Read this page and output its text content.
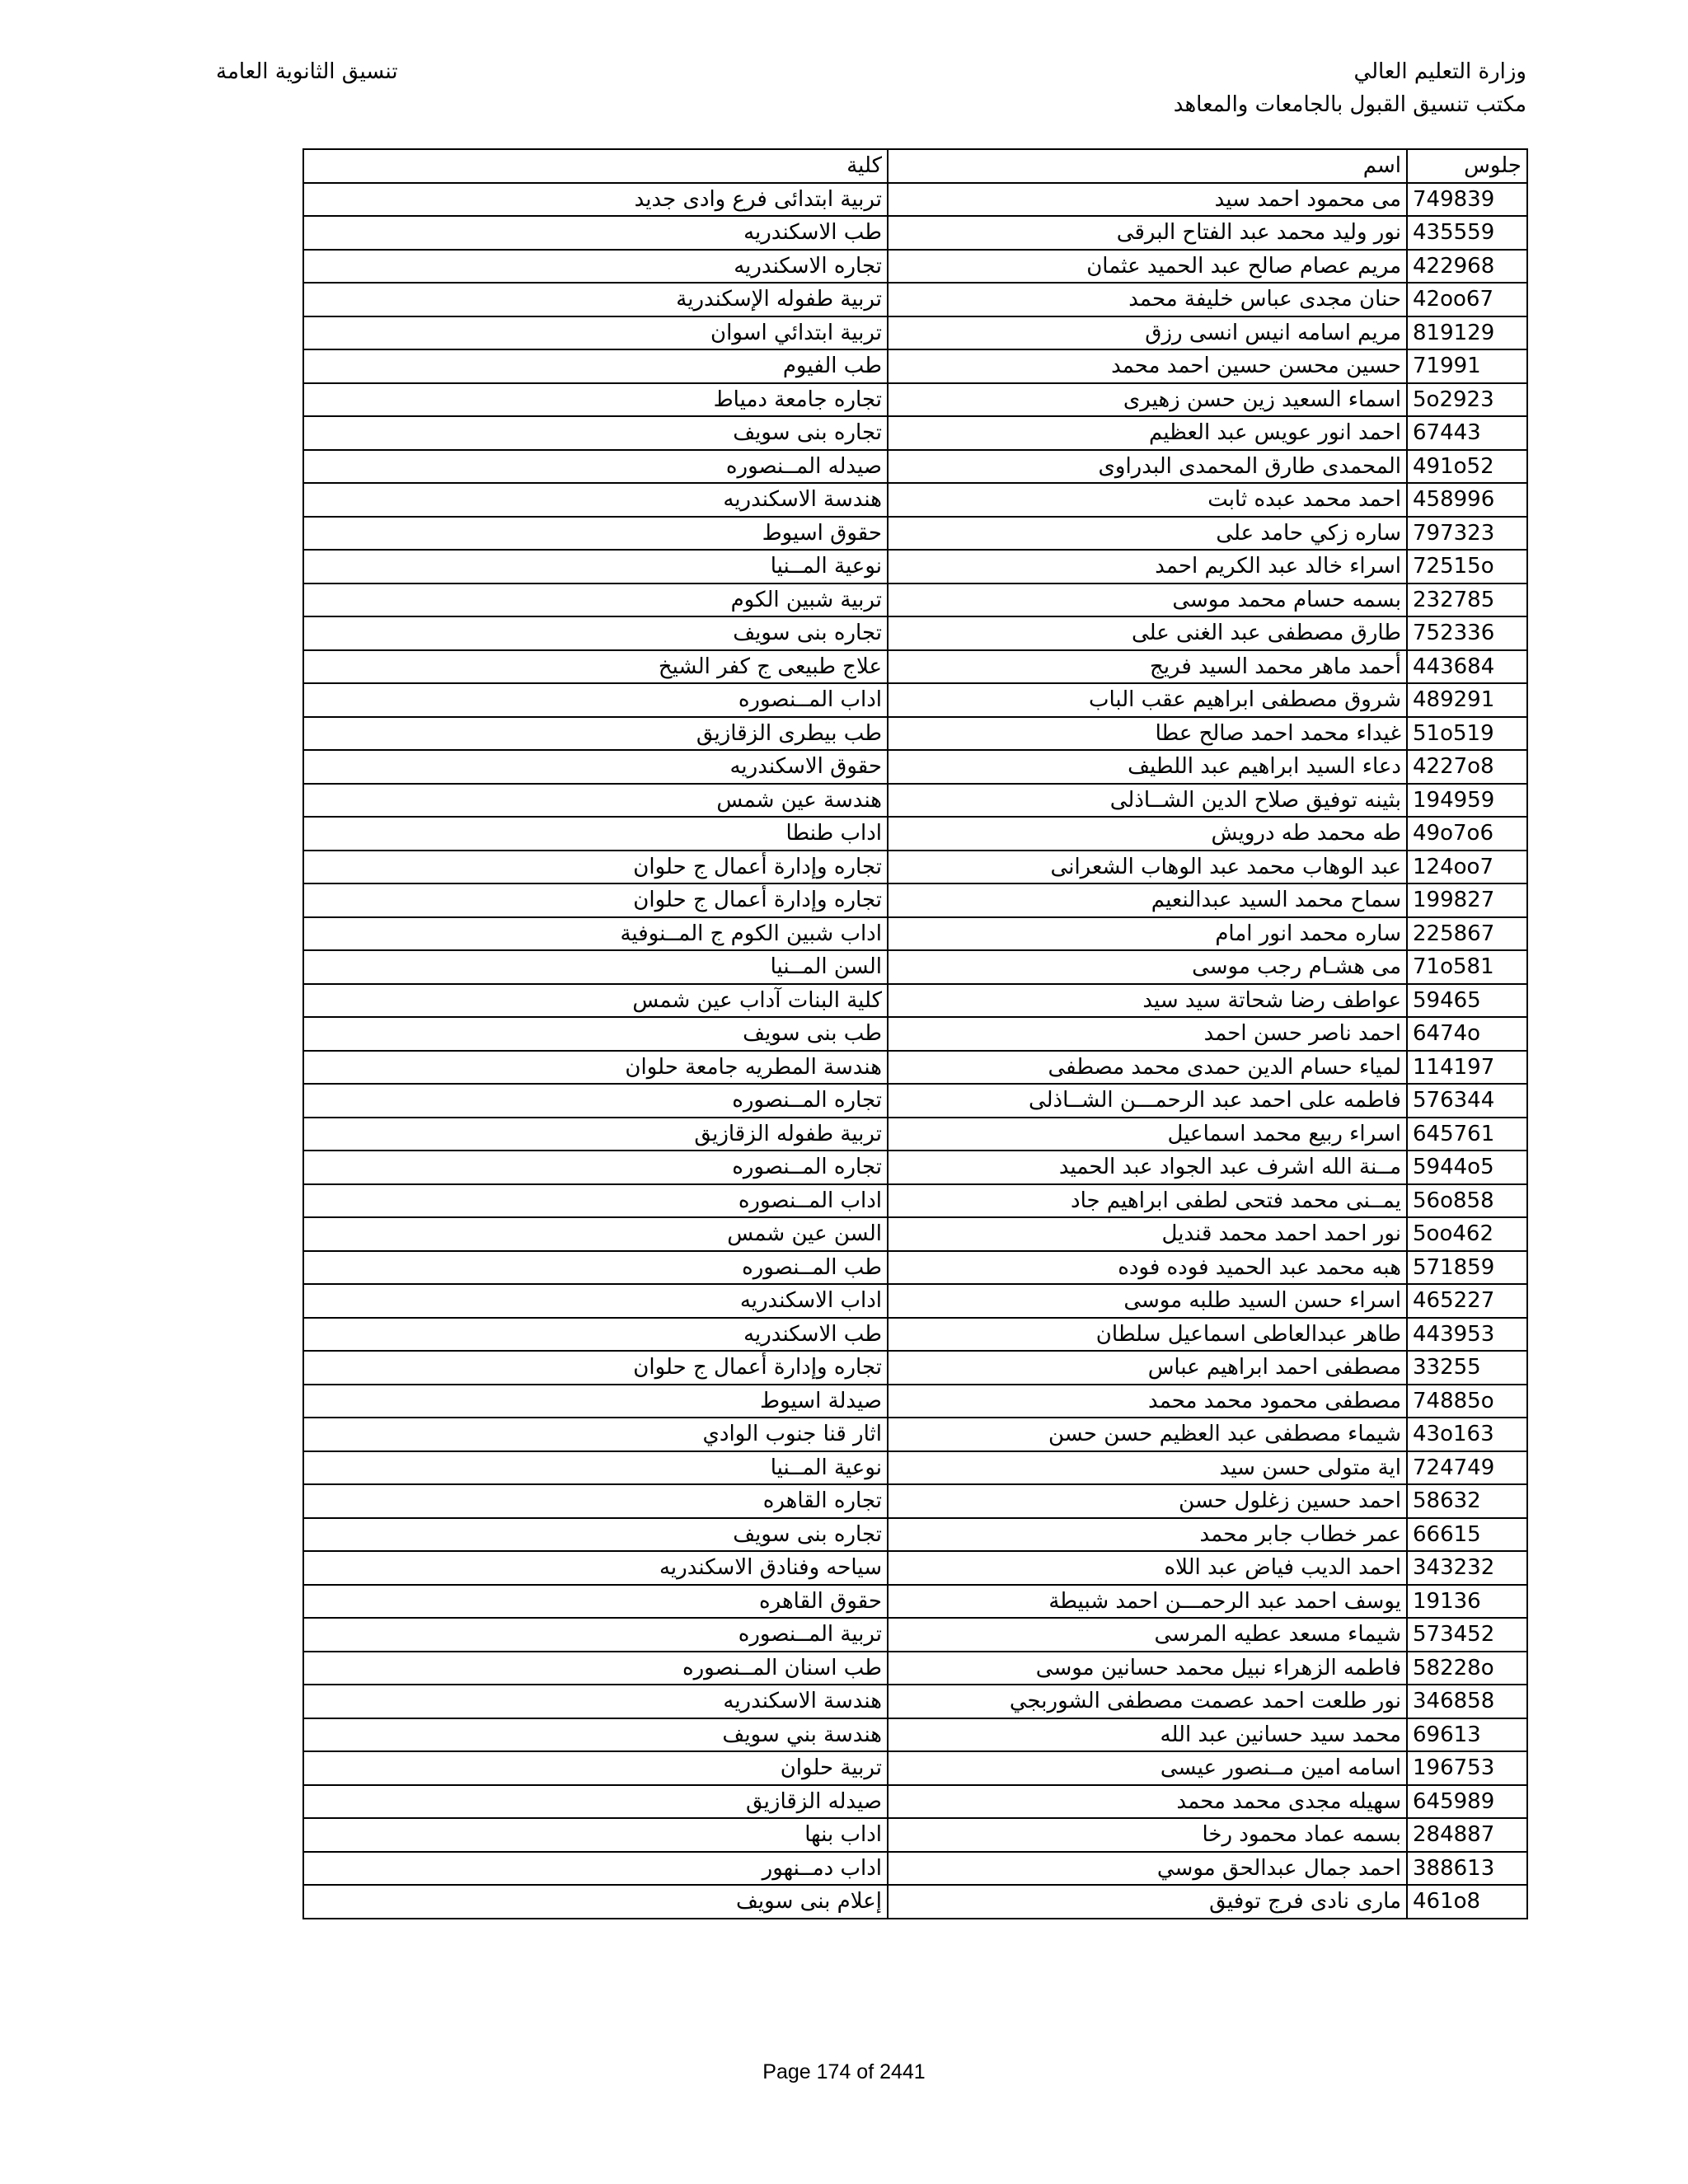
وزارة التعليم العالي
مكتب تنسيق القبول بالجامعات والمعاهد
تنسيق الثانوية العامة
جلوس	اسم	كلية
749839	مى محمود احمد سيد	تربية ابتدائى فرع وادى جديد
435559	نور وليد محمد عبد الفتاح البرقى	طب الاسكندريه
422968	مريم عصام صالح عبد الحميد عثمان	تجاره الاسكندريه
42oo67	حنان مجدى عباس خليفة محمد	تربية طفوله الإسكندرية
819129	مريم اسامه انيس انسى رزق	تربية ابتدائي اسوان
71991	حسين محسن حسين احمد محمد	طب الفيوم
5o2923	اسماء السعيد زين حسن زهيرى	تجاره جامعة دمياط
67443	احمد انور عويس عبد العظيم	تجاره بنى سويف
491o52	المحمدى طارق المحمدى البدراوى	صيدله المــنصوره
458996	احمد محمد عبده ثابت	هندسة الاسكندريه
797323	ساره زكي حامد على	حقوق اسيوط
72515o	اسراء خالد عبد الكريم احمد	نوعية المــنيا
232785	بسمه حسام محمد موسى	تربية شبين الكوم
752336	طارق مصطفى عبد الغنى على	تجاره بنى سويف
443684	أحمد ماهر محمد السيد فريج	علاج طبيعى ج كفر الشيخ
489291	شروق مصطفى ابراهيم عقب الباب	اداب المــنصوره
51o519	غيداء محمد احمد صالح عطا	طب بيطرى الزقازيق
4227o8	دعاء السيد ابراهيم عبد اللطيف	حقوق الاسكندريه
194959	بثينه توفيق صلاح الدين الشــاذلى	هندسة عين شمس
49o7o6	طه محمد طه درويش	اداب طنطا
124oo7	عبد الوهاب محمد عبد الوهاب الشعرانى	تجاره وإدارة أعمال ج حلوان
199827	سماح محمد السيد عبدالنعيم	تجاره وإدارة أعمال ج حلوان
225867	ساره محمد انور امام	اداب شبين الكوم ج المــنوفية
71o581	مى هشـام رجب موسى	السن المــنيا
59465	عواطف رضا شحاتة سيد سيد	كلية البنات آداب عين شمس
6474o	احمد ناصر حسن احمد	طب بنى سويف
114197	لمياء حسام الدين حمدى محمد مصطفى	هندسة المطريه جامعة حلوان
576344	فاطمه على احمد عبد الرحمـــن الشــاذلى	تجاره المــنصوره
645761	اسراء ربيع محمد اسماعيل	تربية طفوله الزقازيق
5944o5	مــنة الله اشرف عبد الجواد عبد الحميد	تجاره المــنصوره
56o858	يمــنى محمد فتحى لطفى ابراهيم جاد	اداب المــنصوره
5oo462	نور احمد احمد محمد قنديل	السن عين شمس
571859	هبه محمد عبد الحميد فوده فوده	طب المــنصوره
465227	اسراء حسن السيد طلبه موسى	اداب الاسكندريه
443953	طاهر عبدالعاطى اسماعيل سلطان	طب الاسكندريه
33255	مصطفى احمد ابراهيم عباس	تجاره وإدارة أعمال ج حلوان
74885o	مصطفى محمود محمد محمد	صيدلة اسيوط
43o163	شيماء مصطفى عبد العظيم حسن حسن	اثار قنا جنوب الوادي
724749	اية متولى حسن سيد	نوعية المــنيا
58632	احمد حسين زغلول حسن	تجاره القاهره
66615	عمر خطاب جابر محمد	تجاره بنى سويف
343232	احمد الديب فياض عبد اللاه	سياحه وفنادق الاسكندريه
19136	يوسف احمد عبد الرحمـــن احمد شبيطة	حقوق القاهره
573452	شيماء مسعد عطيه المرسى	تربية المــنصوره
58228o	فاطمه الزهراء نبيل محمد حسانين موسى	طب اسنان المــنصوره
346858	نور طلعت احمد عصمت مصطفى الشوربجي	هندسة الاسكندريه
69613	محمد سيد حسانين عبد الله	هندسة بني سويف
196753	اسامه امين مــنصور عيسى	تربية حلوان
645989	سهيله مجدى محمد محمد	صيدله الزقازيق
284887	بسمه عماد محمود رخا	اداب بنها
388613	احمد جمال عبدالحق موسي	اداب دمــنهور
461o8	مارى نادى فرج توفيق	إعلام بنى سويف
Page 174 of 2441
